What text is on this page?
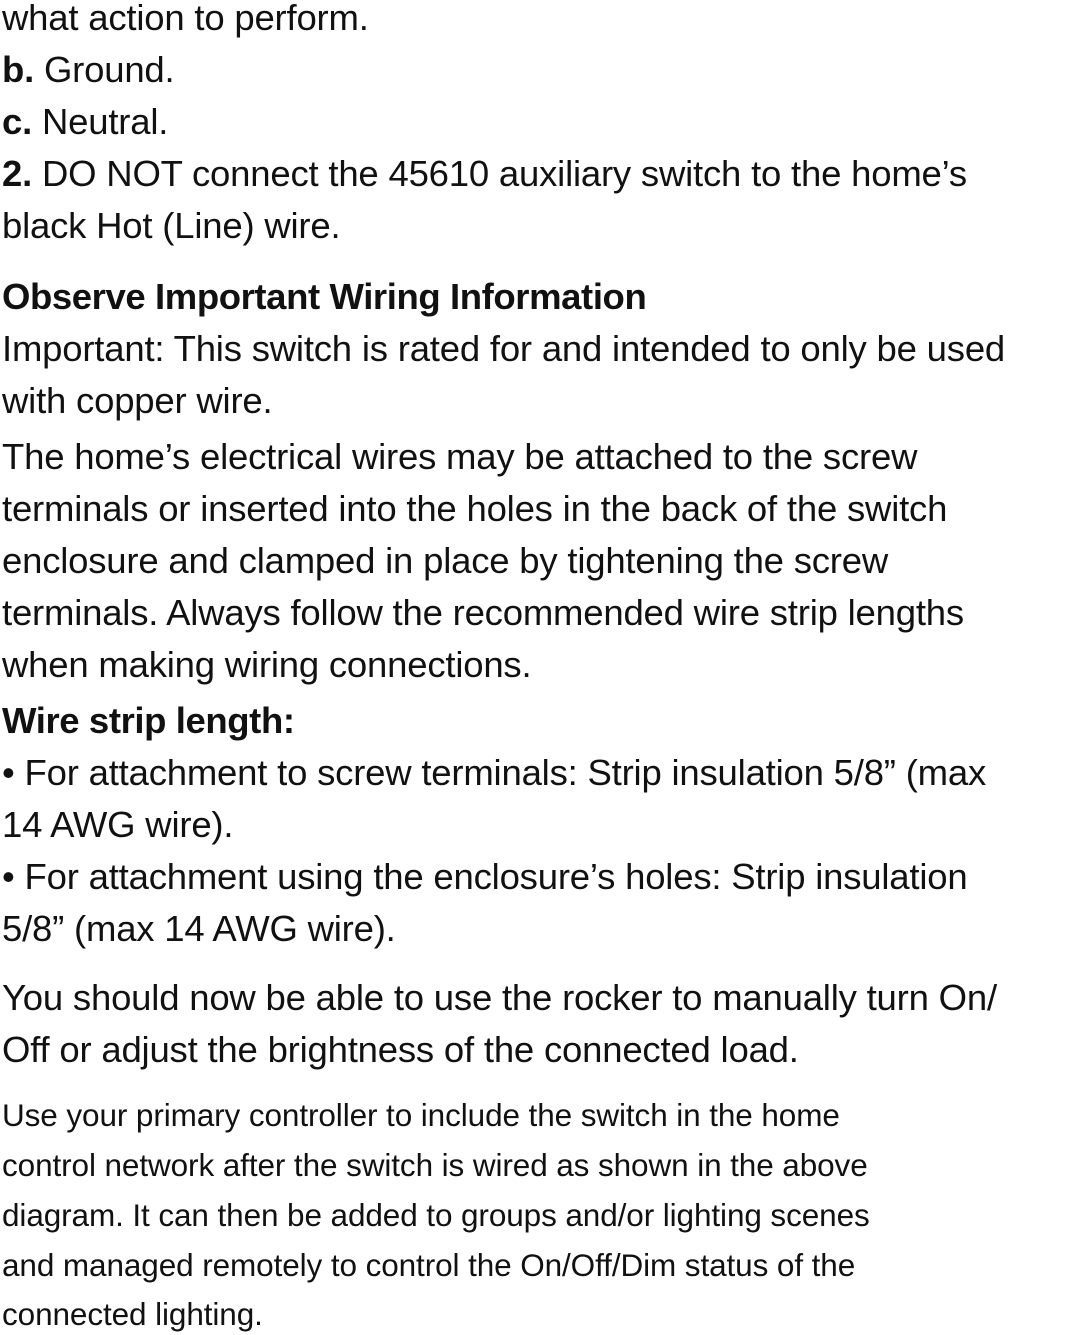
what action to perform.
b. Ground.
c. Neutral.
2. DO NOT connect the 45610 auxiliary switch to the home’s
black Hot (Line) wire.
Observe Important Wiring Information
Important: This switch is rated for and intended to only be used
with copper wire.
The home’s electrical wires may be attached to the screw
terminals or inserted into the holes in the back of the switch
enclosure and clamped in place by tightening the screw
terminals. Always follow the recommended wire strip lengths
when making wiring connections.
Wire strip length:
• For attachment to screw terminals: Strip insulation 5/8” (max
14 AWG wire).
• For attachment using the enclosure’s holes: Strip insulation
5/8” (max 14 AWG wire).
You should now be able to use the rocker to manually turn On/
Off or adjust the brightness of the connected load.
Use your primary controller to include the switch in the home
control network after the switch is wired as shown in the above
diagram. It can then be added to groups and/or lighting scenes
and managed remotely to control the On/Off/Dim status of the
connected lighting.
